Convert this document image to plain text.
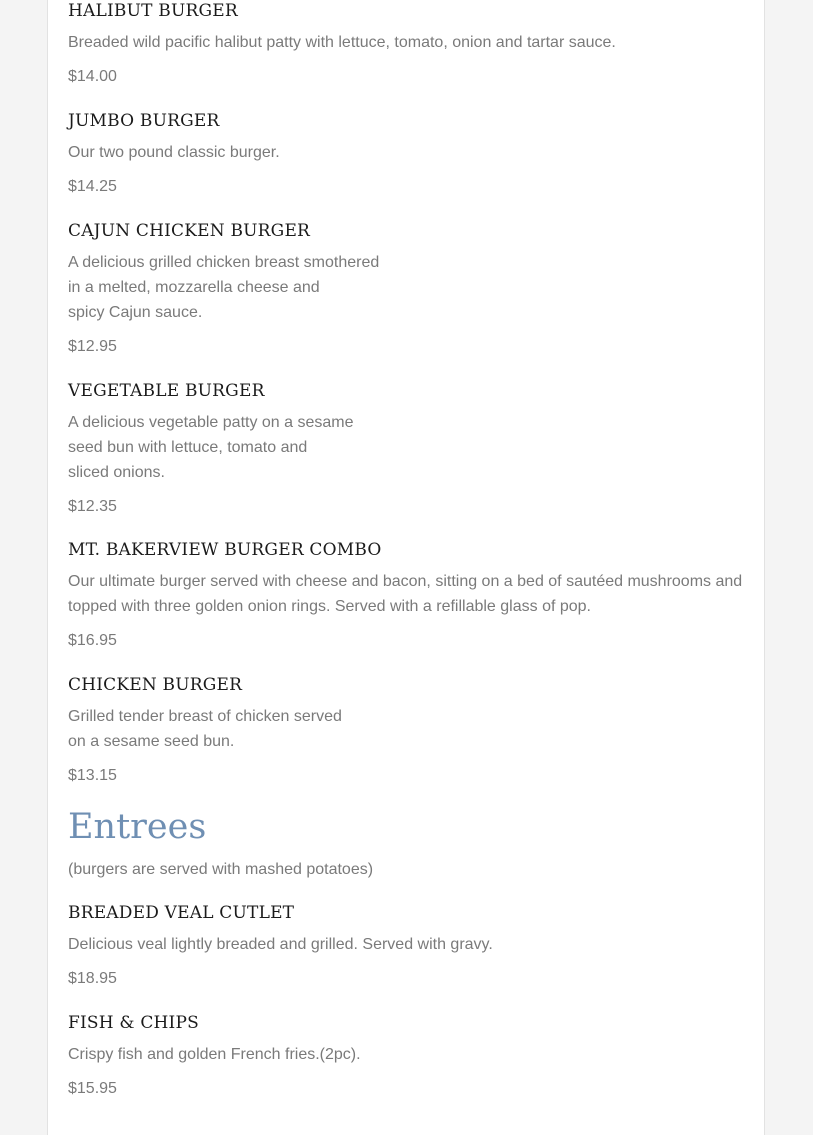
HALIBUT BURGER
Breaded wild pacific halibut patty with lettuce, tomato, onion and tartar sauce.
$14.00
JUMBO BURGER
Our two pound classic burger.
$14.25
CAJUN CHICKEN BURGER
A delicious grilled chicken breast smothered
in a melted, mozzarella cheese and
spicy Cajun sauce.
$12.95
VEGETABLE BURGER
A delicious vegetable patty on a sesame
seed bun with lettuce, tomato and
sliced onions.
$12.35
MT. BAKERVIEW BURGER COMBO
Our ultimate burger served with cheese and bacon, sitting on a bed of sautéed mushrooms and
topped with three golden onion rings. Served with a refillable glass of pop.
$16.95
CHICKEN BURGER
Grilled tender breast of chicken served
on a sesame seed bun.
$13.15
Entrees
(burgers are served with mashed potatoes)
BREADED VEAL CUTLET
Delicious veal lightly breaded and grilled. Served with gravy.
$18.95
FISH & CHIPS
Crispy fish and golden French fries.(2pc).
$15.95
